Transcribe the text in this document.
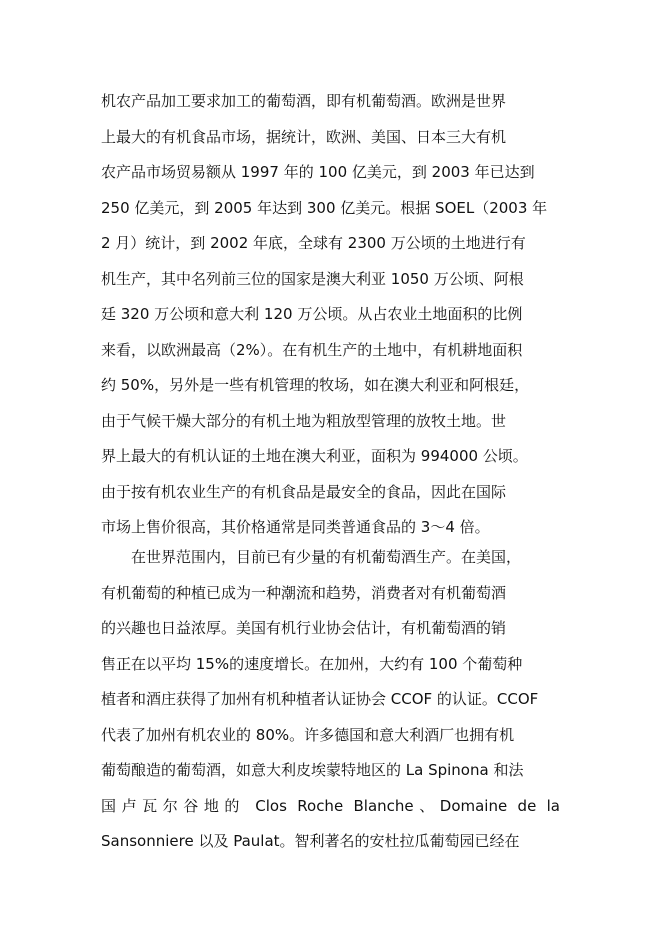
机农产品加工要求加工的葡萄酒，即有机葡萄酒。欧洲是世界
上最大的有机食品市场，据统计，欧洲、美国、日本三大有机
农产品市场贸易额从 1997 年的 100 亿美元，到 2003 年已达到
250 亿美元，到 2005 年达到 300 亿美元。根据 SOEL（2003 年
2 月）统计，到 2002 年底，全球有 2300 万公顷的土地进行有
机生产，其中名列前三位的国家是澳大利亚 1050 万公顷、阿根
廷 320 万公顷和意大利 120 万公顷。从占农业土地面积的比例
来看，以欧洲最高（2%）。在有机生产的土地中，有机耕地面积
约 50%，另外是一些有机管理的牧场，如在澳大利亚和阿根廷，
由于气候干燥大部分的有机土地为粗放型管理的放牧土地。世
界上最大的有机认证的土地在澳大利亚，面积为 994000 公顷。
由于按有机农业生产的有机食品是最安全的食品，因此在国际
市场上售价很高，其价格通常是同类普通食品的 3～4 倍。
在世界范围内，目前已有少量的有机葡萄酒生产。在美国，
有机葡萄的种植已成为一种潮流和趋势，消费者对有机葡萄酒
的兴趣也日益浓厚。美国有机行业协会估计，有机葡萄酒的销
售正在以平均 15%的速度增长。在加州，大约有 100 个葡萄种
植者和酒庄获得了加州有机种植者认证协会 CCOF 的认证。CCOF
代表了加州有机农业的 80%。许多德国和意大利酒厂也拥有机
葡萄酿造的葡萄酒，如意大利皮埃蒙特地区的 La Spinona 和法
国卢瓦尔谷地的 Clos Roche Blanche、Domaine de la
Sansonniere 以及 Paulat。智利著名的安杜拉瓜葡萄园已经在
